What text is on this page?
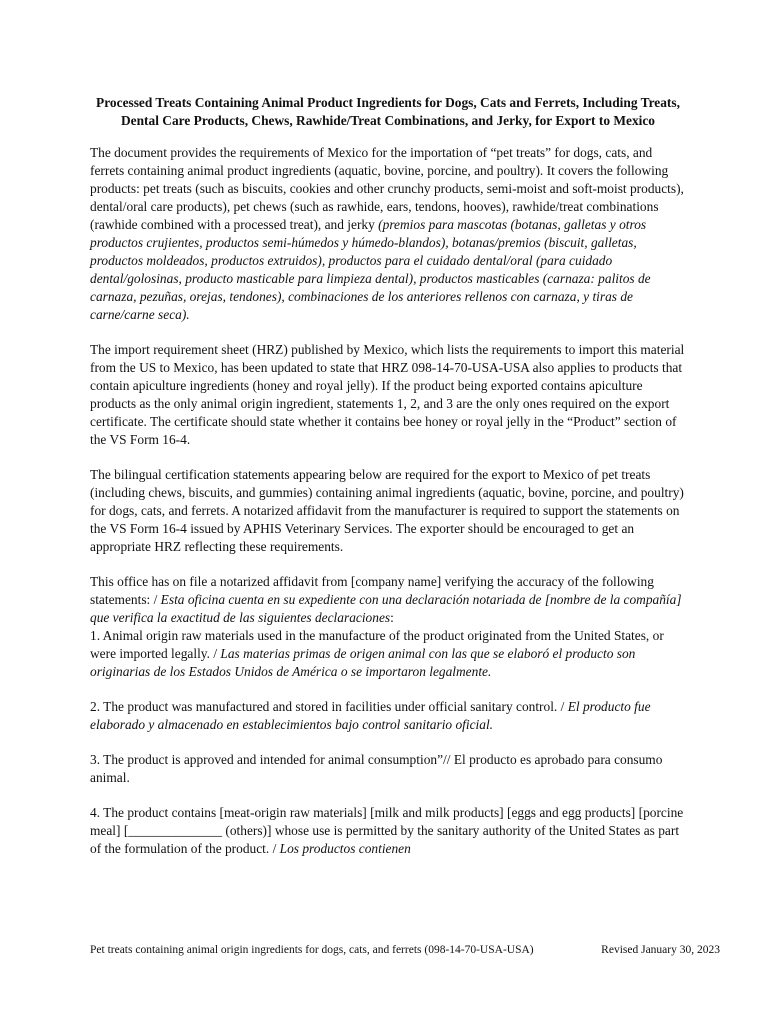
Processed Treats Containing Animal Product Ingredients for Dogs, Cats and Ferrets, Including Treats, Dental Care Products, Chews, Rawhide/Treat Combinations, and Jerky, for Export to Mexico

The document provides the requirements of Mexico for the importation of “pet treats” for dogs, cats, and ferrets containing animal product ingredients (aquatic, bovine, porcine, and poultry). It covers the following products: pet treats (such as biscuits, cookies and other crunchy products, semi-moist and soft-moist products), dental/oral care products), pet chews (such as rawhide, ears, tendons, hooves), rawhide/treat combinations (rawhide combined with a processed treat), and jerky (premios para mascotas (botanas, galletas y otros productos crujientes, productos semi-húmedos y húmedo-blandos), botanas/premios (biscuit, galletas, productos moldeados, productos extruidos), productos para el cuidado dental/oral (para cuidado dental/golosinas, producto masticable para limpieza dental), productos masticables (carnaza: palitos de carnaza, pezuñas, orejas, tendones), combinaciones de los anteriores rellenos con carnaza, y tiras de carne/carne seca).

The import requirement sheet (HRZ) published by Mexico, which lists the requirements to import this material from the US to Mexico, has been updated to state that HRZ 098-14-70-USA-USA also applies to products that contain apiculture ingredients (honey and royal jelly). If the product being exported contains apiculture products as the only animal origin ingredient, statements 1, 2, and 3 are the only ones required on the export certificate. The certificate should state whether it contains bee honey or royal jelly in the “Product” section of the VS Form 16-4.

The bilingual certification statements appearing below are required for the export to Mexico of pet treats (including chews, biscuits, and gummies) containing animal ingredients (aquatic, bovine, porcine, and poultry) for dogs, cats, and ferrets. A notarized affidavit from the manufacturer is required to support the statements on the VS Form 16-4 issued by APHIS Veterinary Services. The exporter should be encouraged to get an appropriate HRZ reflecting these requirements.

This office has on file a notarized affidavit from [company name] verifying the accuracy of the following statements: / Esta oficina cuenta en su expediente con una declaración notariada de [nombre de la compañía] que verifica la exactitud de las siguientes declaraciones:

1. Animal origin raw materials used in the manufacture of the product originated from the United States, or were imported legally. / Las materias primas de origen animal con las que se elaboró el producto son originarias de los Estados Unidos de América o se importaron legalmente.

2. The product was manufactured and stored in facilities under official sanitary control. / El producto fue elaborado y almacenado en establecimientos bajo control sanitario oficial.

3. The product is approved and intended for animal consumption”// El producto es aprobado para consumo animal.

4. The product contains [meat-origin raw materials] [milk and milk products] [eggs and egg products] [porcine meal] [______________ (others)] whose use is permitted by the sanitary authority of the United States as part of the formulation of the product. / Los productos contienen

Pet treats containing animal origin ingredients for dogs, cats, and ferrets (098-14-70-USA-USA)	Revised January 30, 2023
